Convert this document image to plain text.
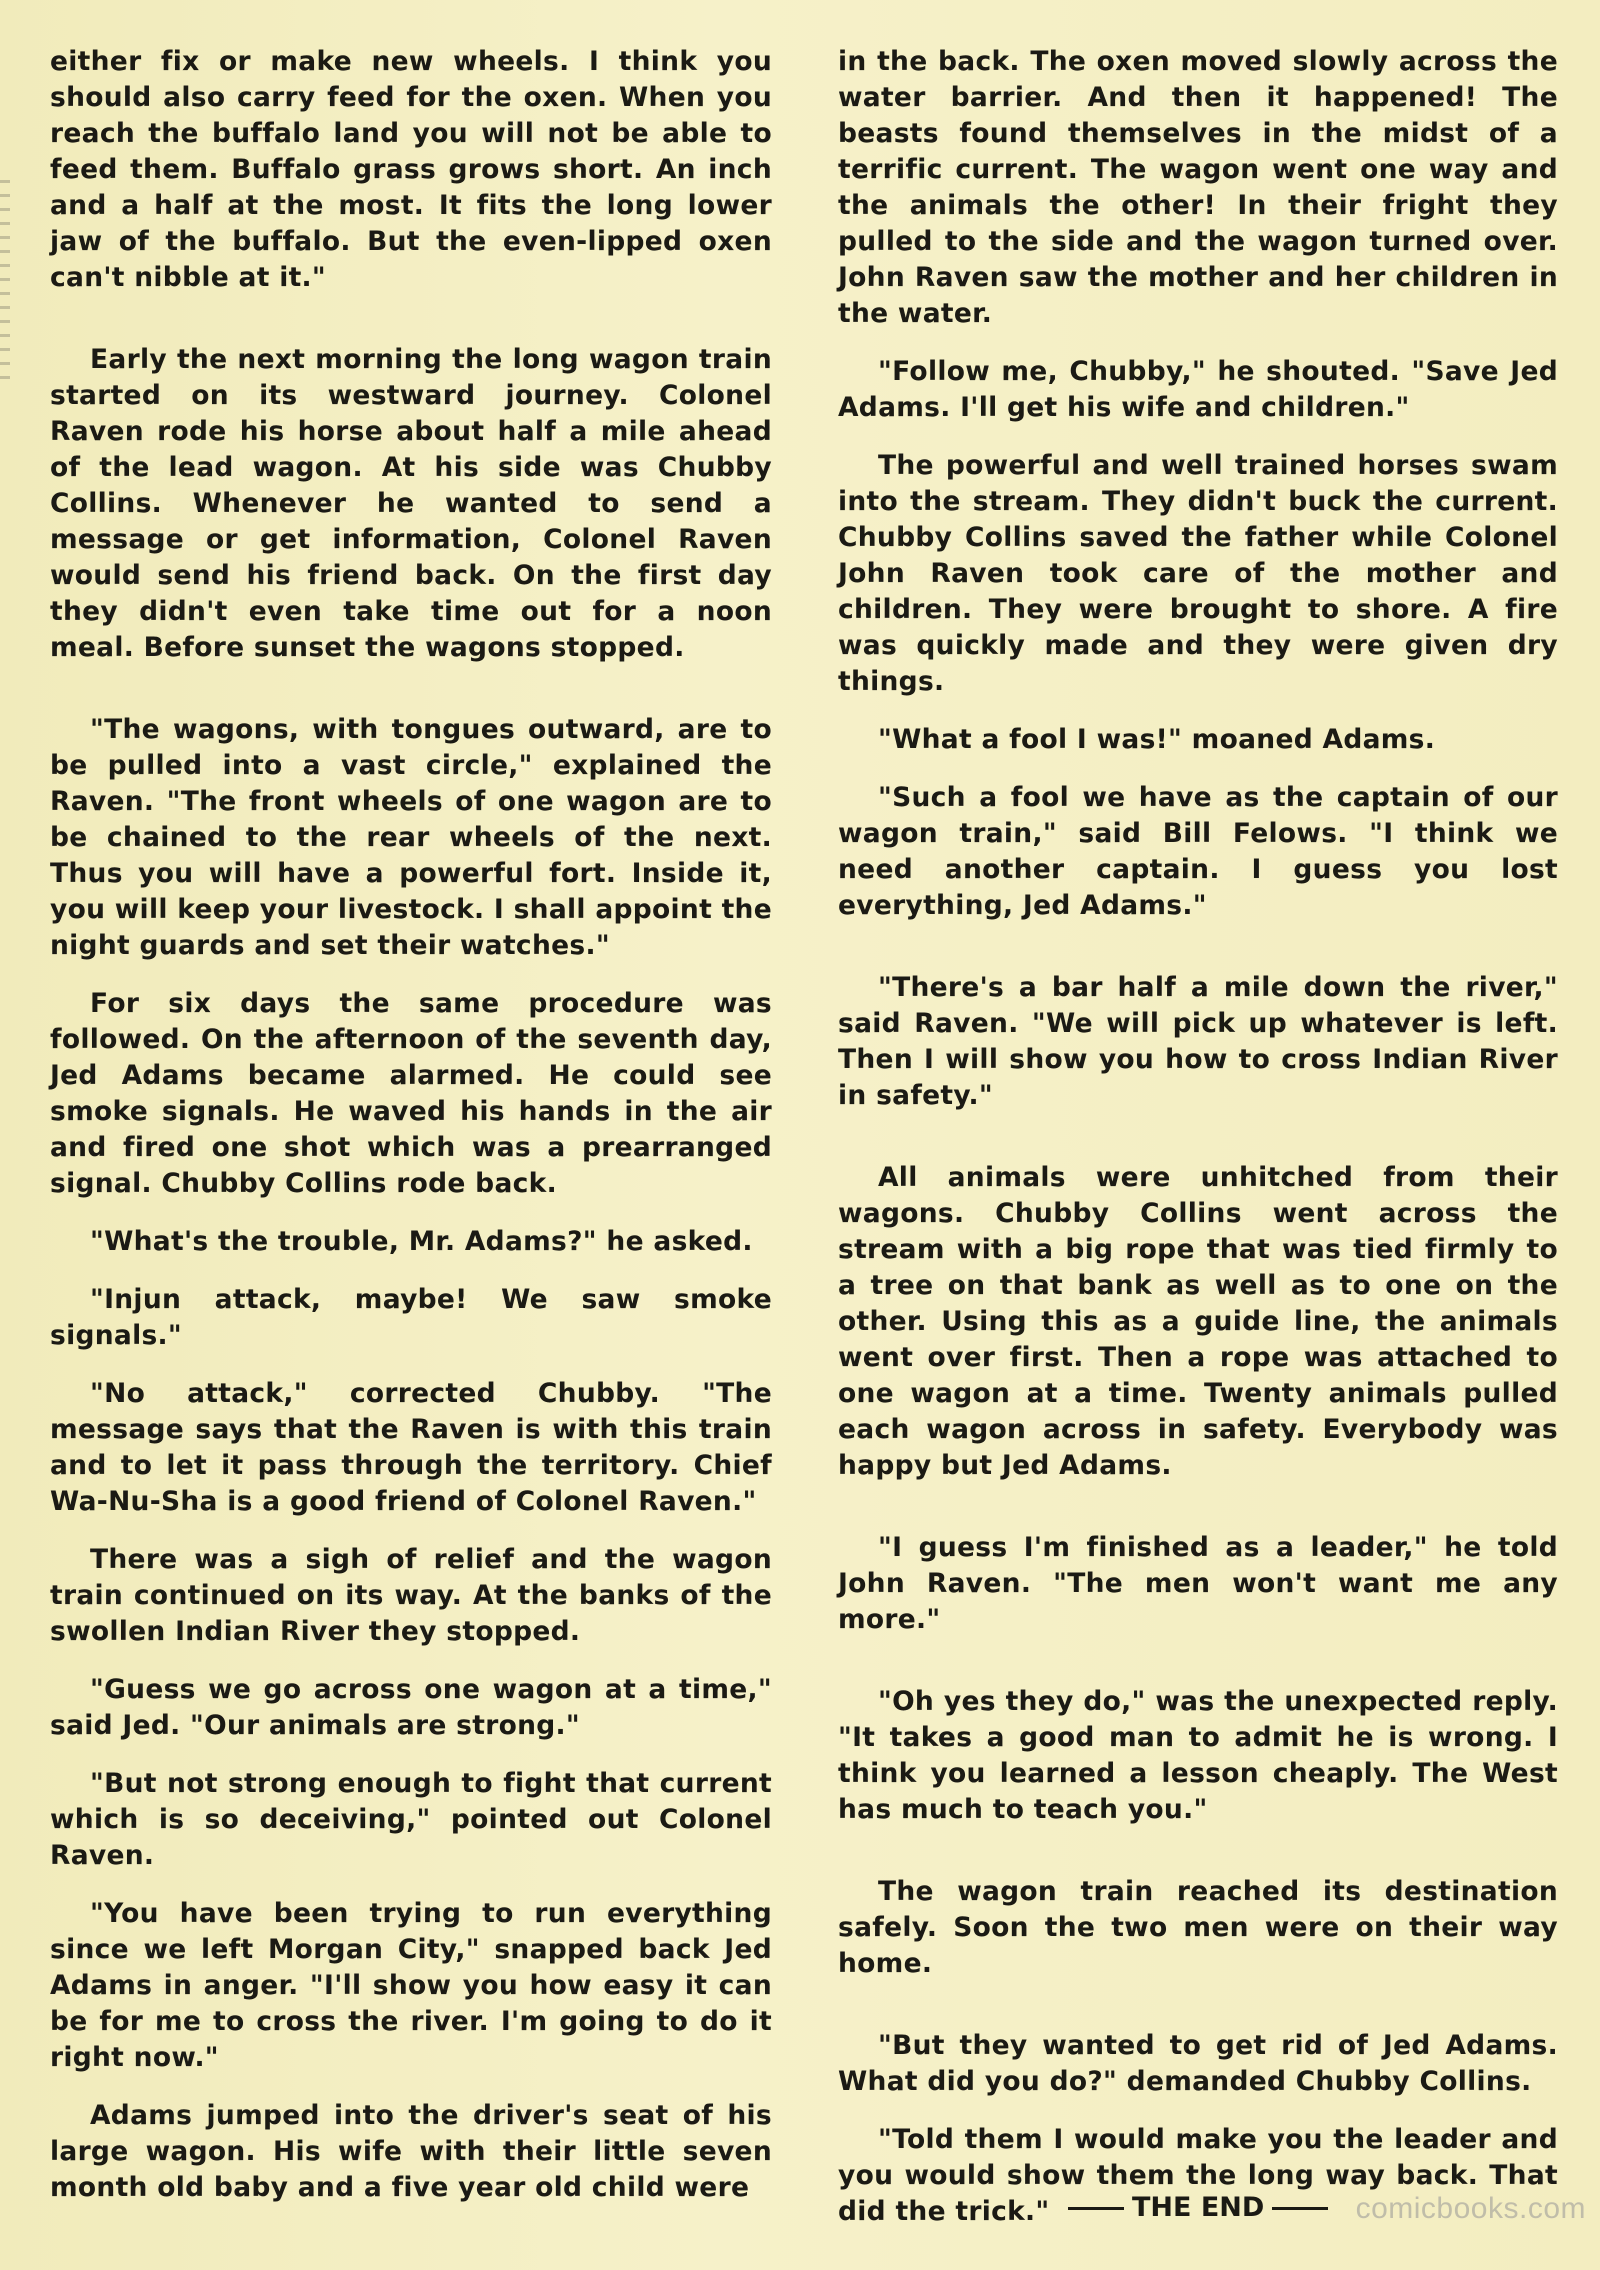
either fix or make new wheels. I think you should also carry feed for the oxen. When you reach the buffalo land you will not be able to feed them. Buffalo grass grows short. An inch and a half at the most. It fits the long lower jaw of the buffalo. But the even-lipped oxen can't nibble at it."

Early the next morning the long wagon train started on its westward journey. Colonel Raven rode his horse about half a mile ahead of the lead wagon. At his side was Chubby Collins. Whenever he wanted to send a message or get information, Colonel Raven would send his friend back. On the first day they didn't even take time out for a noon meal. Before sunset the wagons stopped.

"The wagons, with tongues outward, are to be pulled into a vast circle," explained the Raven. "The front wheels of one wagon are to be chained to the rear wheels of the next. Thus you will have a powerful fort. Inside it, you will keep your livestock. I shall appoint the night guards and set their watches."

For six days the same procedure was followed. On the afternoon of the seventh day, Jed Adams became alarmed. He could see smoke signals. He waved his hands in the air and fired one shot which was a prearranged signal. Chubby Collins rode back.

"What's the trouble, Mr. Adams?" he asked.

"Injun attack, maybe! We saw smoke signals."

"No attack," corrected Chubby. "The message says that the Raven is with this train and to let it pass through the territory. Chief Wa-Nu-Sha is a good friend of Colonel Raven."

There was a sigh of relief and the wagon train continued on its way. At the banks of the swollen Indian River they stopped.

"Guess we go across one wagon at a time," said Jed. "Our animals are strong."

"But not strong enough to fight that current which is so deceiving," pointed out Colonel Raven.

"You have been trying to run everything since we left Morgan City," snapped back Jed Adams in anger. "I'll show you how easy it can be for me to cross the river. I'm going to do it right now."

Adams jumped into the driver's seat of his large wagon. His wife with their little seven month old baby and a five year old child were

in the back. The oxen moved slowly across the water barrier. And then it happened! The beasts found themselves in the midst of a terrific current. The wagon went one way and the animals the other! In their fright they pulled to the side and the wagon turned over. John Raven saw the mother and her children in the water.

"Follow me, Chubby," he shouted. "Save Jed Adams. I'll get his wife and children."

The powerful and well trained horses swam into the stream. They didn't buck the current. Chubby Collins saved the father while Colonel John Raven took care of the mother and children. They were brought to shore. A fire was quickly made and they were given dry things.

"What a fool I was!" moaned Adams.

"Such a fool we have as the captain of our wagon train," said Bill Felows. "I think we need another captain. I guess you lost everything, Jed Adams."

"There's a bar half a mile down the river," said Raven. "We will pick up whatever is left. Then I will show you how to cross Indian River in safety."

All animals were unhitched from their wagons. Chubby Collins went across the stream with a big rope that was tied firmly to a tree on that bank as well as to one on the other. Using this as a guide line, the animals went over first. Then a rope was attached to one wagon at a time. Twenty animals pulled each wagon across in safety. Everybody was happy but Jed Adams.

"I guess I'm finished as a leader," he told John Raven. "The men won't want me any more."

"Oh yes they do," was the unexpected reply. "It takes a good man to admit he is wrong. I think you learned a lesson cheaply. The West has much to teach you."

The wagon train reached its destination safely. Soon the two men were on their way home.

"But they wanted to get rid of Jed Adams. What did you do?" demanded Chubby Collins.

"Told them I would make you the leader and you would show them the long way back. That did the trick."	THE END	comicbooks.com
